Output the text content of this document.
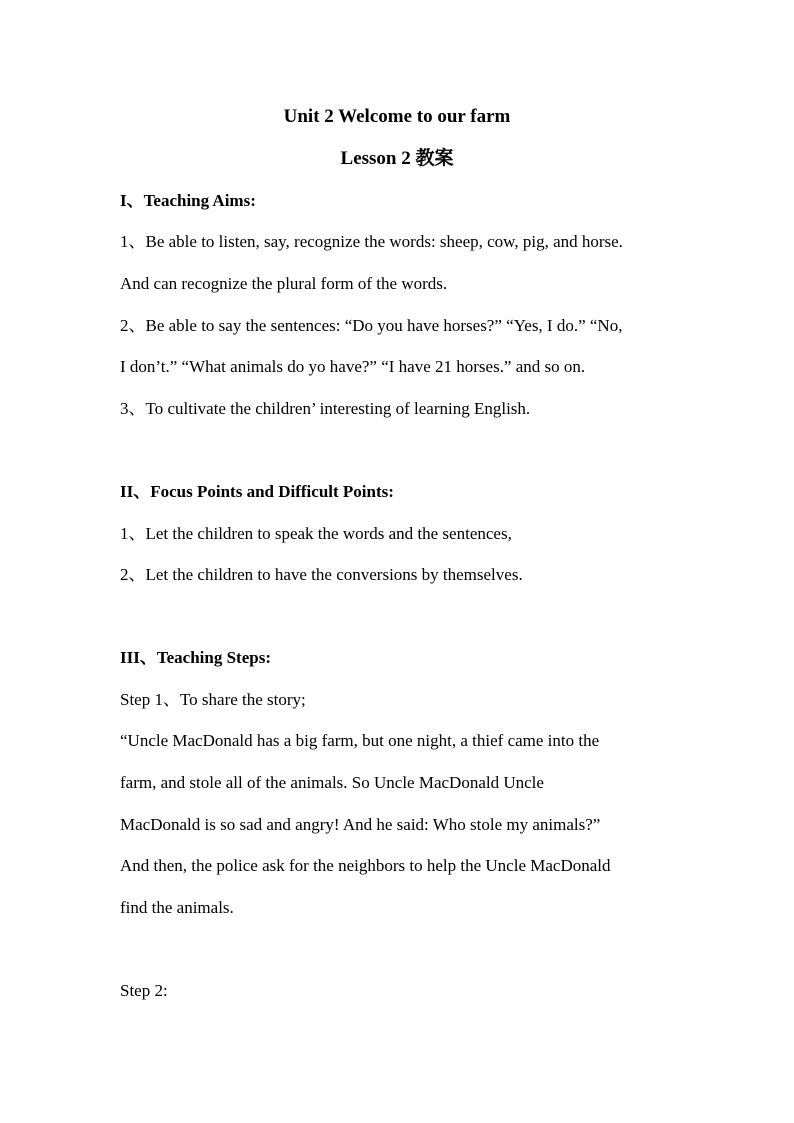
Unit 2 Welcome to our farm
Lesson 2 教案
I、Teaching Aims:
1、Be able to listen, say, recognize the words: sheep, cow, pig, and horse.
And can recognize the plural form of the words.
2、Be able to say the sentences: “Do you have horses?” “Yes, I do.” “No,
I don’t.” “What animals do yo have?” “I have 21 horses.” and so on.
3、To cultivate the children’ interesting of learning English.
II、Focus Points and Difficult Points:
1、Let the children to speak the words and the sentences,
2、Let the children to have the conversions by themselves.
III、Teaching Steps:
Step 1、To share the story;
“Uncle MacDonald has a big farm, but one night, a thief came into the
farm, and stole all of the animals. So Uncle MacDonald Uncle
MacDonald is so sad and angry! And he said: Who stole my animals?”
And then, the police ask for the neighbors to help the Uncle MacDonald
find the animals.
Step 2:
